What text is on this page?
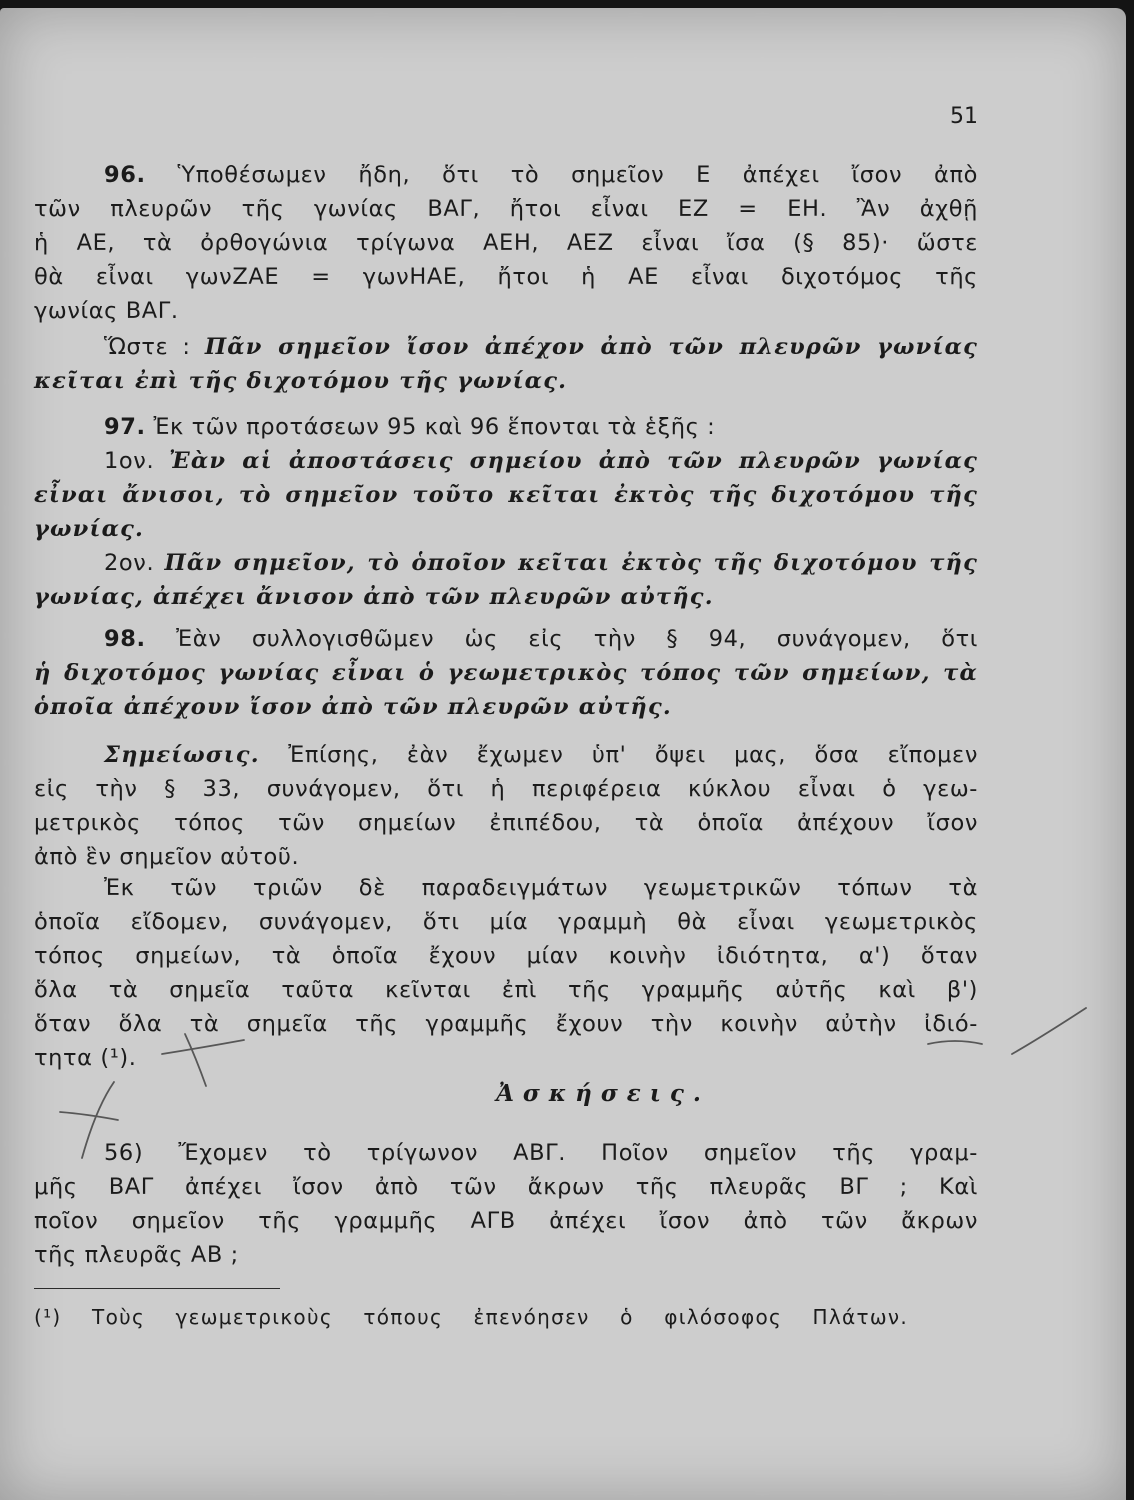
51
96. Ὑποθέσωμεν ἤδη, ὅτι τὸ σημεῖον Ε ἀπέχει ἴσον ἀπὸ
τῶν πλευρῶν τῆς γωνίας ΒΑΓ, ἤτοι εἶναι ΕΖ = ΕΗ. Ἂν ἀχθῇ
ἡ ΑΕ, τὰ ὀρθογώνια τρίγωνα ΑΕΗ, ΑΕΖ εἶναι ἴσα (§ 85)· ὥστε
θὰ εἶναι γωνΖΑΕ = γωνΗΑΕ, ἤτοι ἡ ΑΕ εἶναι διχοτόμος τῆς
γωνίας ΒΑΓ.
Ὥστε : Πᾶν σημεῖον ἴσον ἀπέχον ἀπὸ τῶν πλευρῶν γωνίας
κεῖται ἐπὶ τῆς διχοτόμου τῆς γωνίας.
97. Ἐκ τῶν προτάσεων 95 καὶ 96 ἕπονται τὰ ἑξῆς :
1ον. Ἐὰν αἱ ἀποστάσεις σημείου ἀπὸ τῶν πλευρῶν γωνίας
εἶναι ἄνισοι, τὸ σημεῖον τοῦτο κεῖται ἐκτὸς τῆς διχοτόμου τῆς
γωνίας.
2ον. Πᾶν σημεῖον, τὸ ὁποῖον κεῖται ἐκτὸς τῆς διχοτόμου τῆς
γωνίας, ἀπέχει ἄνισον ἀπὸ τῶν πλευρῶν αὐτῆς.
98. Ἐὰν συλλογισθῶμεν ὡς εἰς τὴν § 94, συνάγομεν, ὅτι
ἡ διχοτόμος γωνίας εἶναι ὁ γεωμετρικὸς τόπος τῶν σημείων, τὰ
ὁποῖα ἀπέχουν ἴσον ἀπὸ τῶν πλευρῶν αὐτῆς.
Σημείωσις. Ἐπίσης, ἐὰν ἔχωμεν ὑπ' ὄψει μας, ὅσα εἴπομεν
εἰς τὴν § 33, συνάγομεν, ὅτι ἡ περιφέρεια κύκλου εἶναι ὁ γεω-
μετρικὸς τόπος τῶν σημείων ἐπιπέδου, τὰ ὁποῖα ἀπέχουν ἴσον
ἀπὸ ἓν σημεῖον αὐτοῦ.
Ἐκ τῶν τριῶν δὲ παραδειγμάτων γεωμετρικῶν τόπων τὰ
ὁποῖα εἴδομεν, συνάγομεν, ὅτι μία γραμμὴ θὰ εἶναι γεωμετρικὸς
τόπος σημείων, τὰ ὁποῖα ἔχουν μίαν κοινὴν ἰδιότητα, α') ὅταν
ὅλα τὰ σημεῖα ταῦτα κεῖνται ἐπὶ τῆς γραμμῆς αὐτῆς καὶ β')
ὅταν ὅλα τὰ σημεῖα τῆς γραμμῆς ἔχουν τὴν κοινὴν αὐτὴν ἰδιό-
τητα (¹).
Ἀσκήσεις.
56) Ἔχομεν τὸ τρίγωνον ΑΒΓ. Ποῖον σημεῖον τῆς γραμ-
μῆς ΒΑΓ ἀπέχει ἴσον ἀπὸ τῶν ἄκρων τῆς πλευρᾶς ΒΓ ; Καὶ
ποῖον σημεῖον τῆς γραμμῆς ΑΓΒ ἀπέχει ἴσον ἀπὸ τῶν ἄκρων
τῆς πλευρᾶς ΑΒ ;
(¹) Τοὺς γεωμετρικοὺς τόπους ἐπενόησεν ὁ φιλόσοφος Πλάτων.
